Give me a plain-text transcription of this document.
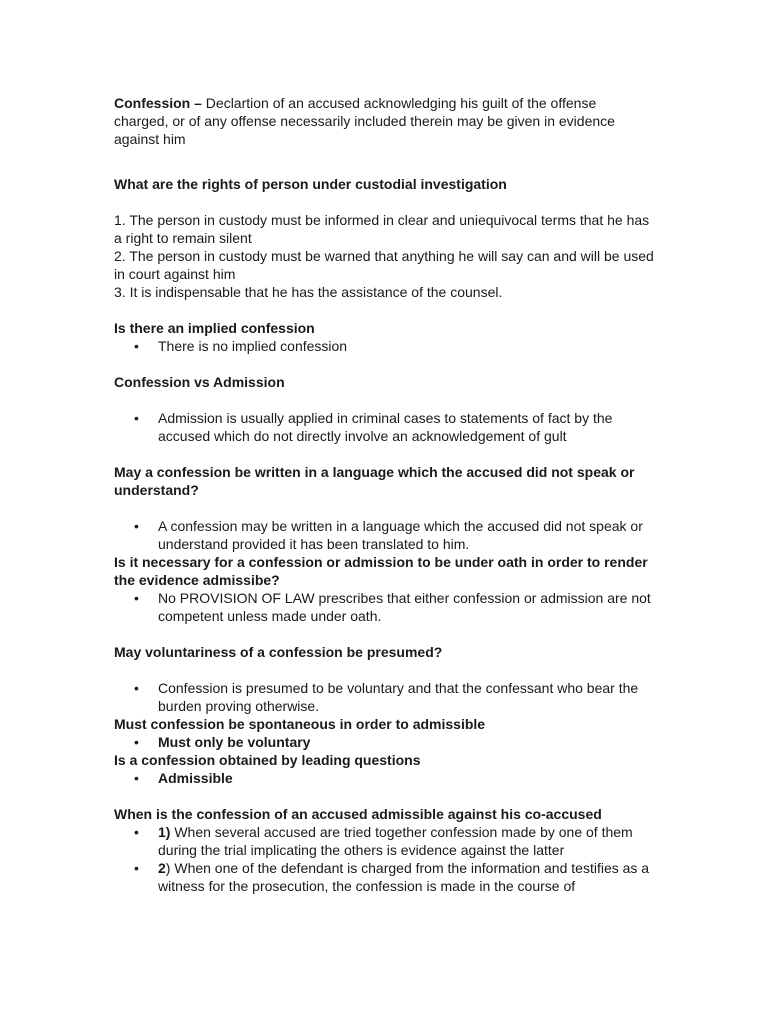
Confession – Declartion of an accused acknowledging his guilt of the offense charged, or of any offense necessarily included therein may be given in evidence against him

What are the rights of person under custodial investigation

1. The person in custody must be informed in clear and uniequivocal terms that he has a right to remain silent

2. The person in custody must be warned that anything he will say can and will be used in court against him

3. It is indispensable that he has the assistance of the counsel.

Is there an implied confession

• There is no implied confession

Confession vs Admission

• Admission is usually applied in criminal cases to statements of fact by the accused which do not directly involve an acknowledgement of gult

May a confession be written in a language which the accused did not speak or understand?

• A confession may be written in a language which the accused did not speak or understand provided it has been translated to him.

Is it necessary for a confession or admission to be under oath in order to render the evidence admissibe?

• No PROVISION OF LAW prescribes that either confession or admission are not competent unless made under oath.

May voluntariness of a confession be presumed?

• Confession is presumed to be voluntary and that the confessant who bear the burden proving otherwise.

Must confession be spontaneous in order to admissible

• Must only be voluntary

Is a confession obtained by leading questions

• Admissible

When is the confession of an accused admissible against his co-accused

• 1) When several accused are tried together confession made by one of them during the trial implicating the others is evidence against the latter
• 2) When one of the defendant is charged from the information and testifies as a witness for the prosecution, the confession is made in the course of
